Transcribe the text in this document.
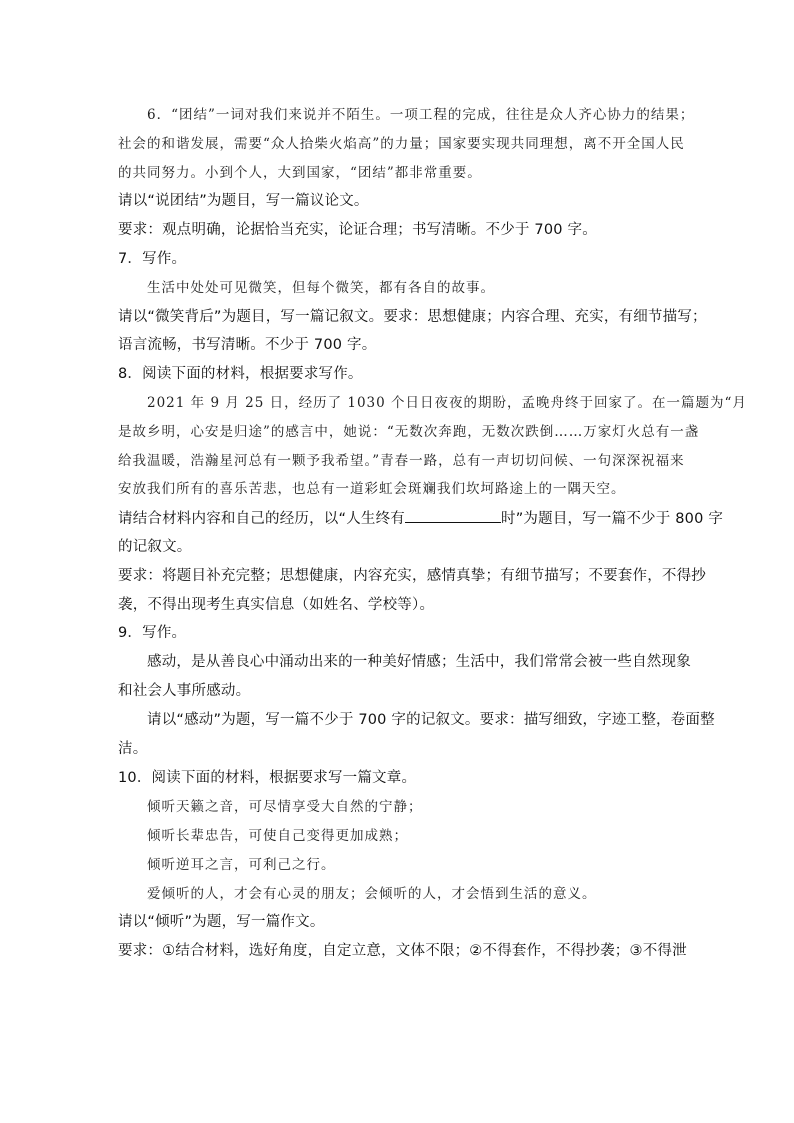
6．“团结”一词对我们来说并不陌生。一项工程的完成，往往是众人齐心协力的结果；
社会的和谐发展，需要“众人拾柴火焰高”的力量；国家要实现共同理想，离不开全国人民
的共同努力。小到个人，大到国家，“团结”都非常重要。
请以“说团结”为题目，写一篇议论文。
要求：观点明确，论据恰当充实，论证合理；书写清晰。不少于 700 字。
7．写作。
生活中处处可见微笑，但每个微笑，都有各自的故事。
请以“微笑背后”为题目，写一篇记叙文。要求：思想健康；内容合理、充实，有细节描写；
语言流畅，书写清晰。不少于 700 字。
8．阅读下面的材料，根据要求写作。
2021 年 9 月 25 日，经历了 1030 个日日夜夜的期盼，孟晚舟终于回家了。在一篇题为“月
是故乡明，心安是归途”的感言中，她说：“无数次奔跑，无数次跌倒……万家灯火总有一盏
给我温暖，浩瀚星河总有一颗予我希望。”青春一路，总有一声切切问候、一句深深祝福来
安放我们所有的喜乐苦悲，也总有一道彩虹会斑斓我们坎坷路途上的一隅天空。
请结合材料内容和自己的经历，以“人生终有	时”为题目，写一篇不少于 800 字
的记叙文。
要求：将题目补充完整；思想健康，内容充实，感情真挚；有细节描写；不要套作，不得抄
袭，不得出现考生真实信息（如姓名、学校等）。
9．写作。
感动，是从善良心中涌动出来的一种美好情感；生活中，我们常常会被一些自然现象
和社会人事所感动。
请以“感动”为题，写一篇不少于 700 字的记叙文。要求：描写细致，字迹工整，卷面整
洁。
10．阅读下面的材料，根据要求写一篇文章。
倾听天籁之音，可尽情享受大自然的宁静；
倾听长辈忠告，可使自己变得更加成熟；
倾听逆耳之言，可利己之行。
爱倾听的人，才会有心灵的朋友；会倾听的人，才会悟到生活的意义。
请以“倾听”为题，写一篇作文。
要求：①结合材料，选好角度，自定立意，文体不限；②不得套作，不得抄袭；③不得泄
